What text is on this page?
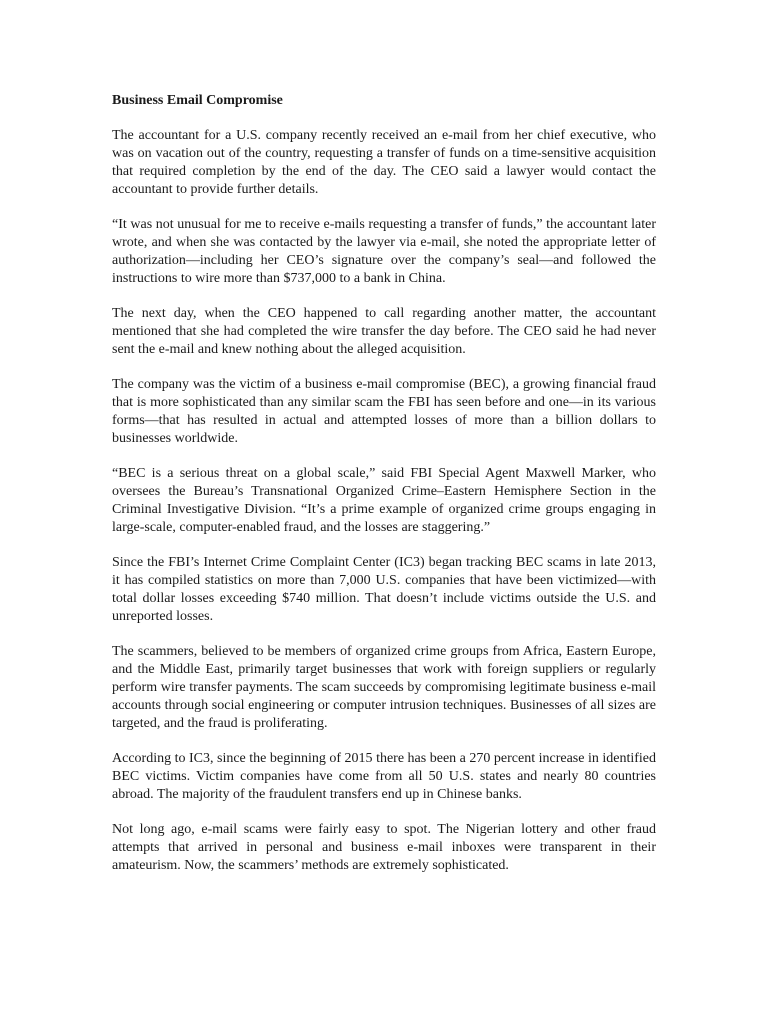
Business Email Compromise

The accountant for a U.S. company recently received an e-mail from her chief executive, who was on vacation out of the country, requesting a transfer of funds on a time-sensitive acquisition that required completion by the end of the day. The CEO said a lawyer would contact the accountant to provide further details.

“It was not unusual for me to receive e-mails requesting a transfer of funds,” the accountant later wrote, and when she was contacted by the lawyer via e-mail, she noted the appropriate letter of authorization—including her CEO’s signature over the company’s seal—and followed the instructions to wire more than $737,000 to a bank in China.

The next day, when the CEO happened to call regarding another matter, the accountant mentioned that she had completed the wire transfer the day before. The CEO said he had never sent the e-mail and knew nothing about the alleged acquisition.

The company was the victim of a business e-mail compromise (BEC), a growing financial fraud that is more sophisticated than any similar scam the FBI has seen before and one—in its various forms—that has resulted in actual and attempted losses of more than a billion dollars to businesses worldwide.

“BEC is a serious threat on a global scale,” said FBI Special Agent Maxwell Marker, who oversees the Bureau’s Transnational Organized Crime–Eastern Hemisphere Section in the Criminal Investigative Division. “It’s a prime example of organized crime groups engaging in large-scale, computer-enabled fraud, and the losses are staggering.”

Since the FBI’s Internet Crime Complaint Center (IC3) began tracking BEC scams in late 2013, it has compiled statistics on more than 7,000 U.S. companies that have been victimized—with total dollar losses exceeding $740 million. That doesn’t include victims outside the U.S. and unreported losses.

The scammers, believed to be members of organized crime groups from Africa, Eastern Europe, and the Middle East, primarily target businesses that work with foreign suppliers or regularly perform wire transfer payments. The scam succeeds by compromising legitimate business e-mail accounts through social engineering or computer intrusion techniques. Businesses of all sizes are targeted, and the fraud is proliferating.

According to IC3, since the beginning of 2015 there has been a 270 percent increase in identified BEC victims. Victim companies have come from all 50 U.S. states and nearly 80 countries abroad. The majority of the fraudulent transfers end up in Chinese banks.

Not long ago, e-mail scams were fairly easy to spot. The Nigerian lottery and other fraud attempts that arrived in personal and business e-mail inboxes were transparent in their amateurism. Now, the scammers’ methods are extremely sophisticated.
